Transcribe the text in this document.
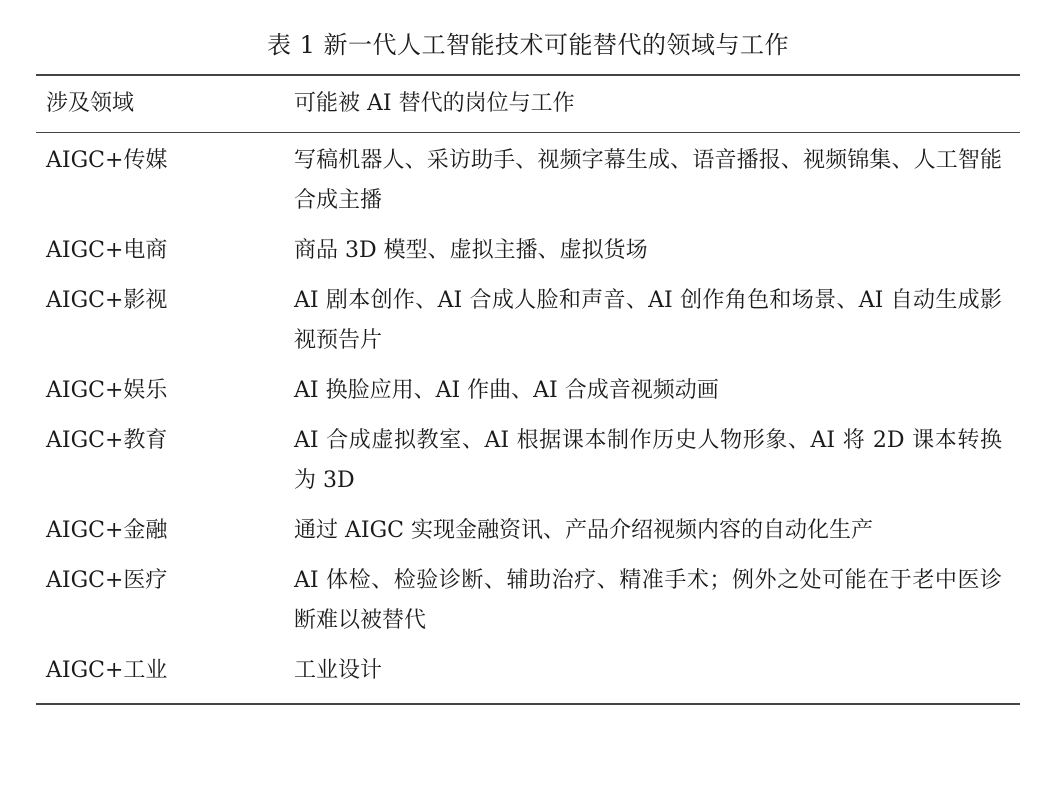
表 1 新一代人工智能技术可能替代的领域与工作
涉及领域	可能被 AI 替代的岗位与工作
AIGC+传媒	写稿机器人、采访助手、视频字幕生成、语音播报、视频锦集、人工智能合成主播
AIGC+电商	商品 3D 模型、虚拟主播、虚拟货场
AIGC+影视	AI 剧本创作、AI 合成人脸和声音、AI 创作角色和场景、AI 自动生成影视预告片
AIGC+娱乐	AI 换脸应用、AI 作曲、AI 合成音视频动画
AIGC+教育	AI 合成虚拟教室、AI 根据课本制作历史人物形象、AI 将 2D 课本转换为 3D
AIGC+金融	通过 AIGC 实现金融资讯、产品介绍视频内容的自动化生产
AIGC+医疗	AI 体检、检验诊断、辅助治疗、精准手术；例外之处可能在于老中医诊断难以被替代
AIGC+工业	工业设计
